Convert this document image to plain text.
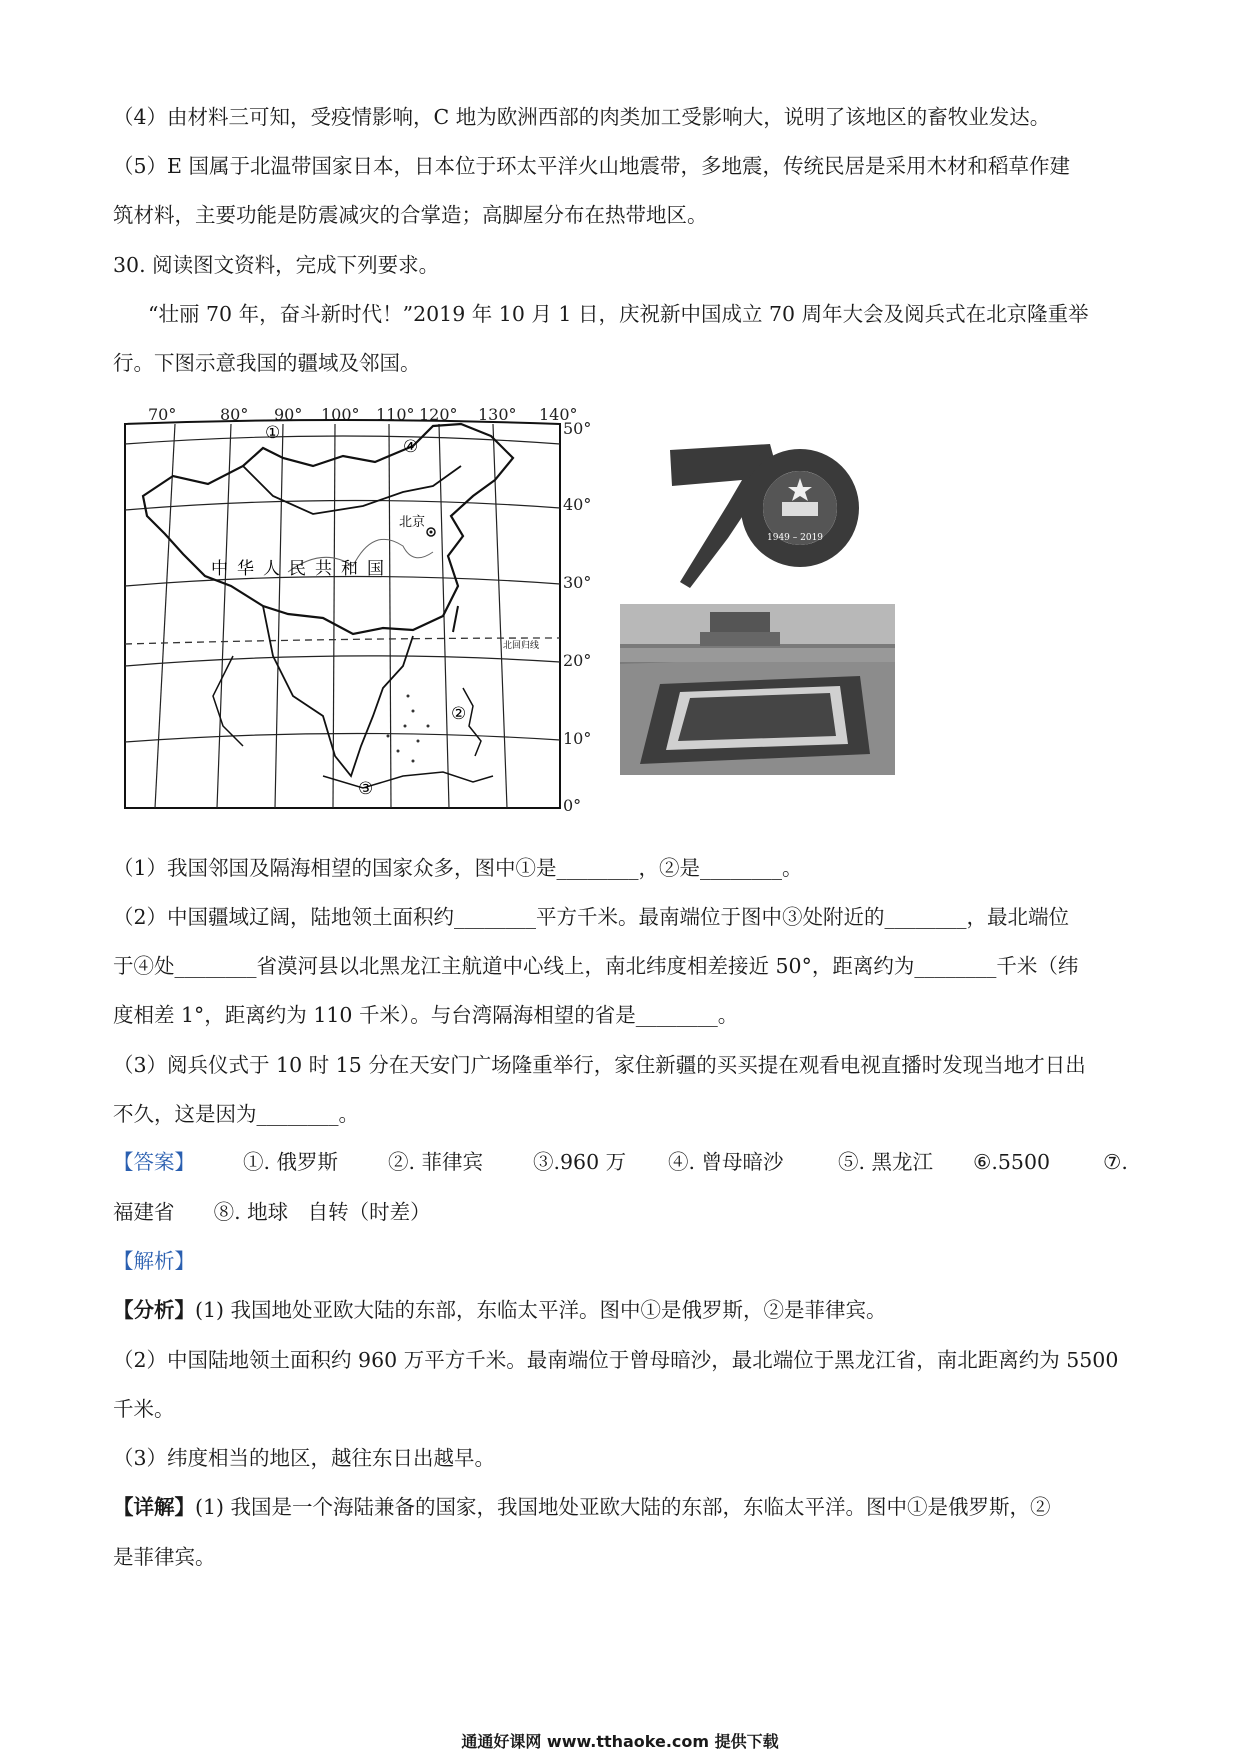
（4）由材料三可知，受疫情影响，C 地为欧洲西部的肉类加工受影响大，说明了该地区的畜牧业发达。
（5）E 国属于北温带国家日本，日本位于环太平洋火山地震带，多地震，传统民居是采用木材和稻草作建
筑材料，主要功能是防震减灾的合掌造；高脚屋分布在热带地区。
30. 阅读图文资料，完成下列要求。
“壮丽 70 年，奋斗新时代！”2019 年 10 月 1 日，庆祝新中国成立 70 周年大会及阅兵式在北京隆重举
行。下图示意我国的疆域及邻国。
70°	80° 90° 100° 110° 120° 130° 140°
50°
40°
30°
20°
10°
0°
北回归线
北京
中华人民共和国
①
②
③
④
1949 – 2019
（1）我国邻国及隔海相望的国家众多，图中①是________，②是________。
（2）中国疆域辽阔，陆地领土面积约________平方千米。最南端位于图中③处附近的________，最北端位
于④处________省漠河县以北黑龙江主航道中心线上，南北纬度相差接近 50°，距离约为________千米（纬
度相差 1°，距离约为 110 千米）。与台湾隔海相望的省是________。
（3）阅兵仪式于 10 时 15 分在天安门广场隆重举行，家住新疆的买买提在观看电视直播时发现当地才日出
不久，这是因为________。
【答案】 ①. 俄罗斯 ②. 菲律宾 ③.960 万 ④. 曾母暗沙	⑤. 黑龙江 ⑥.5500	⑦.
福建省      ⑧. 地球   自转（时差）
【解析】
【分析】(1) 我国地处亚欧大陆的东部，东临太平洋。图中①是俄罗斯，②是菲律宾。
（2）中国陆地领土面积约 960 万平方千米。最南端位于曾母暗沙，最北端位于黑龙江省，南北距离约为 5500
千米。
（3）纬度相当的地区，越往东日出越早。
【详解】(1) 我国是一个海陆兼备的国家，我国地处亚欧大陆的东部，东临太平洋。图中①是俄罗斯，②
是菲律宾。
通通好课网 www.tthaoke.com 提供下载
